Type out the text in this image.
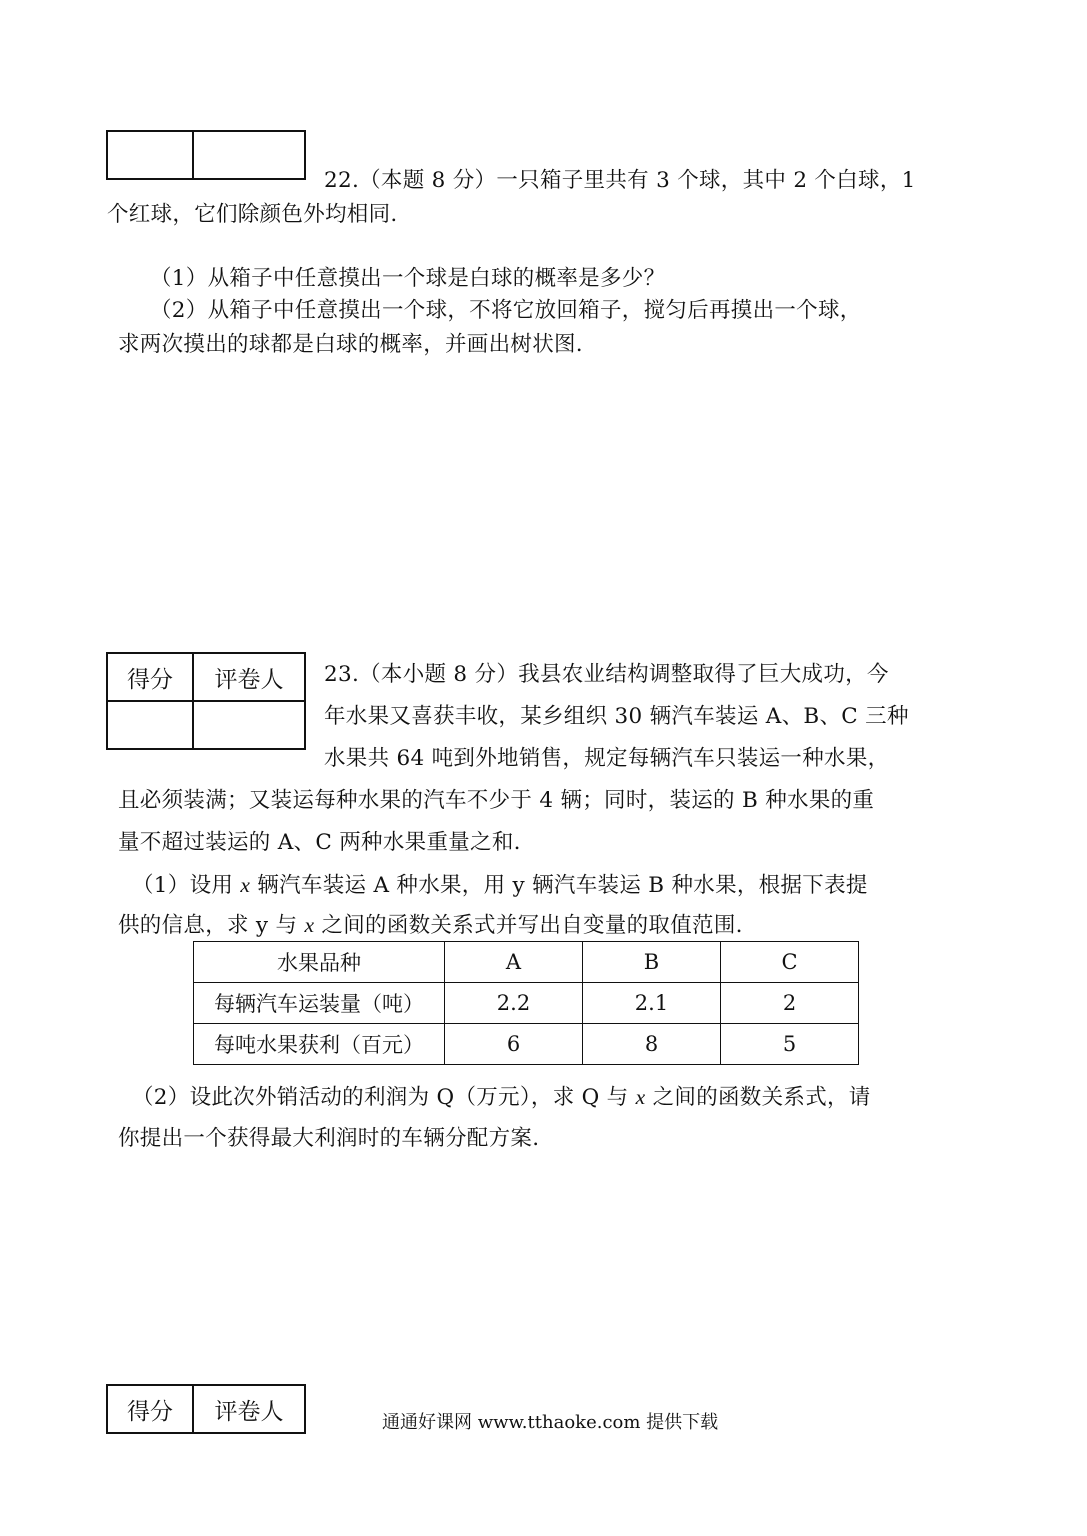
22.（本题 8 分）一只箱子里共有 3 个球，其中 2 个白球，1
个红球，它们除颜色外均相同.
（1）从箱子中任意摸出一个球是白球的概率是多少？
（2）从箱子中任意摸出一个球，不将它放回箱子，搅匀后再摸出一个球，
求两次摸出的球都是白球的概率，并画出树状图.
得分	评卷人
	23.（本小题 8 分）我县农业结构调整取得了巨大成功，今
年水果又喜获丰收，某乡组织 30 辆汽车装运 A、B、C 三种
水果共 64 吨到外地销售，规定每辆汽车只装运一种水果，
且必须装满；又装运每种水果的汽车不少于 4 辆；同时，装运的 B 种水果的重
量不超过装运的 A、C 两种水果重量之和.
（1）设用 x 辆汽车装运 A 种水果，用 y 辆汽车装运 B 种水果，根据下表提
供的信息，求 y 与 x 之间的函数关系式并写出自变量的取值范围.
水果品种	A	B	C
每辆汽车运装量（吨）	2.2	2.1	2
每吨水果获利（百元）	6	8	5
（2）设此次外销活动的利润为 Q（万元），求 Q 与 x 之间的函数关系式，请
你提出一个获得最大利润时的车辆分配方案.
得分	评卷人	通通好课网 www.tthaoke.com 提供下载
